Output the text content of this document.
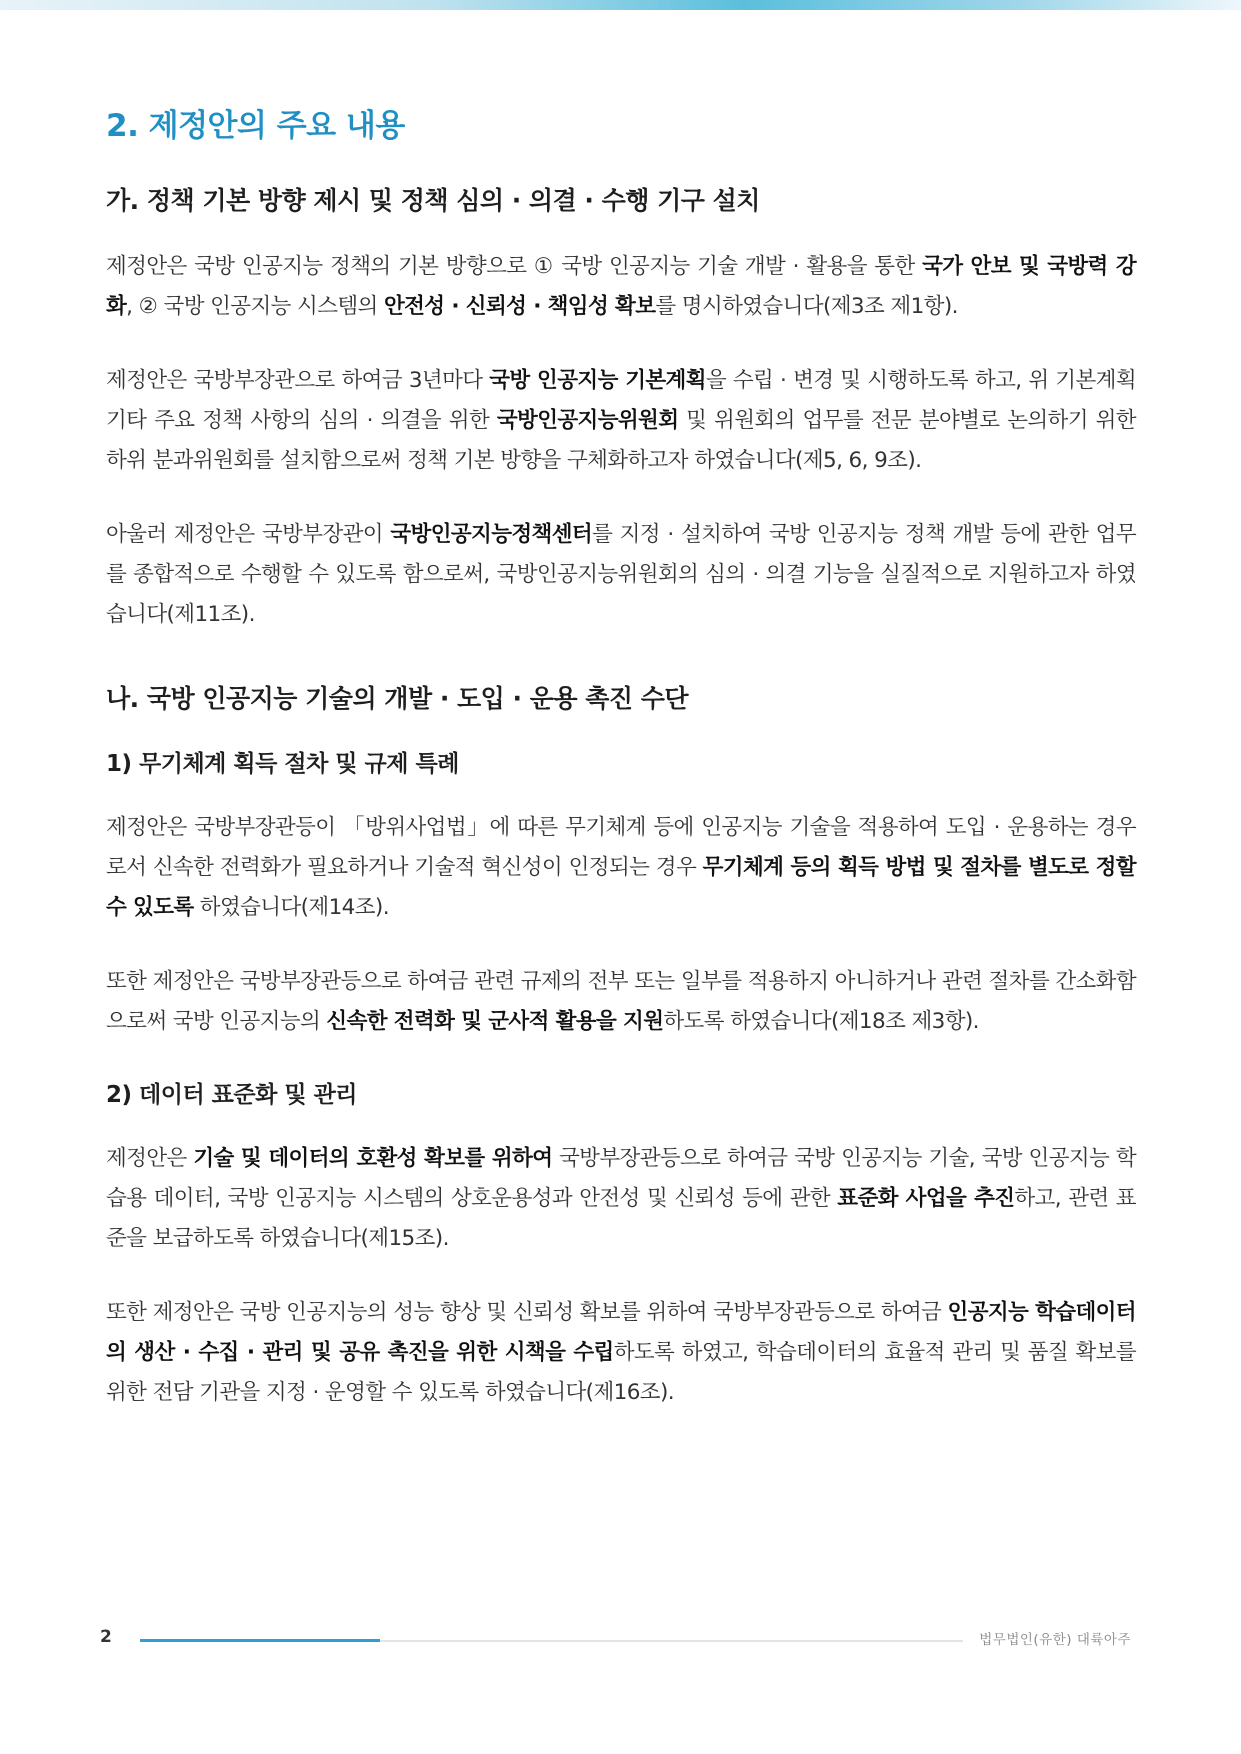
2. 제정안의 주요 내용
가. 정책 기본 방향 제시 및 정책 심의 · 의결 · 수행 기구 설치

제정안은 국방 인공지능 정책의 기본 방향으로 ① 국방 인공지능 기술 개발 · 활용을 통한 국가 안보 및 국방력 강화, ② 국방 인공지능 시스템의 안전성 · 신뢰성 · 책임성 확보를 명시하였습니다(제3조 제1항).

제정안은 국방부장관으로 하여금 3년마다 국방 인공지능 기본계획을 수립 · 변경 및 시행하도록 하고, 위 기본계획 기타 주요 정책 사항의 심의 · 의결을 위한 국방인공지능위원회 및 위원회의 업무를 전문 분야별로 논의하기 위한 하위 분과위원회를 설치함으로써 정책 기본 방향을 구체화하고자 하였습니다(제5, 6, 9조).

아울러 제정안은 국방부장관이 국방인공지능정책센터를 지정 · 설치하여 국방 인공지능 정책 개발 등에 관한 업무를 종합적으로 수행할 수 있도록 함으로써, 국방인공지능위원회의 심의 · 의결 기능을 실질적으로 지원하고자 하였습니다(제11조).

나. 국방 인공지능 기술의 개발 · 도입 · 운용 촉진 수단
1) 무기체계 획득 절차 및 규제 특례

제정안은 국방부장관등이 「방위사업법」에 따른 무기체계 등에 인공지능 기술을 적용하여 도입 · 운용하는 경우로서 신속한 전력화가 필요하거나 기술적 혁신성이 인정되는 경우 무기체계 등의 획득 방법 및 절차를 별도로 정할 수 있도록 하였습니다(제14조).

또한 제정안은 국방부장관등으로 하여금 관련 규제의 전부 또는 일부를 적용하지 아니하거나 관련 절차를 간소화함으로써 국방 인공지능의 신속한 전력화 및 군사적 활용을 지원하도록 하였습니다(제18조 제3항).

2) 데이터 표준화 및 관리

제정안은 기술 및 데이터의 호환성 확보를 위하여 국방부장관등으로 하여금 국방 인공지능 기술, 국방 인공지능 학습용 데이터, 국방 인공지능 시스템의 상호운용성과 안전성 및 신뢰성 등에 관한 표준화 사업을 추진하고, 관련 표준을 보급하도록 하였습니다(제15조).

또한 제정안은 국방 인공지능의 성능 향상 및 신뢰성 확보를 위하여 국방부장관등으로 하여금 인공지능 학습데이터의 생산 · 수집 · 관리 및 공유 촉진을 위한 시책을 수립하도록 하였고, 학습데이터의 효율적 관리 및 품질 확보를 위한 전담 기관을 지정 · 운영할 수 있도록 하였습니다(제16조).

2	법무법인(유한) 대륙아주
